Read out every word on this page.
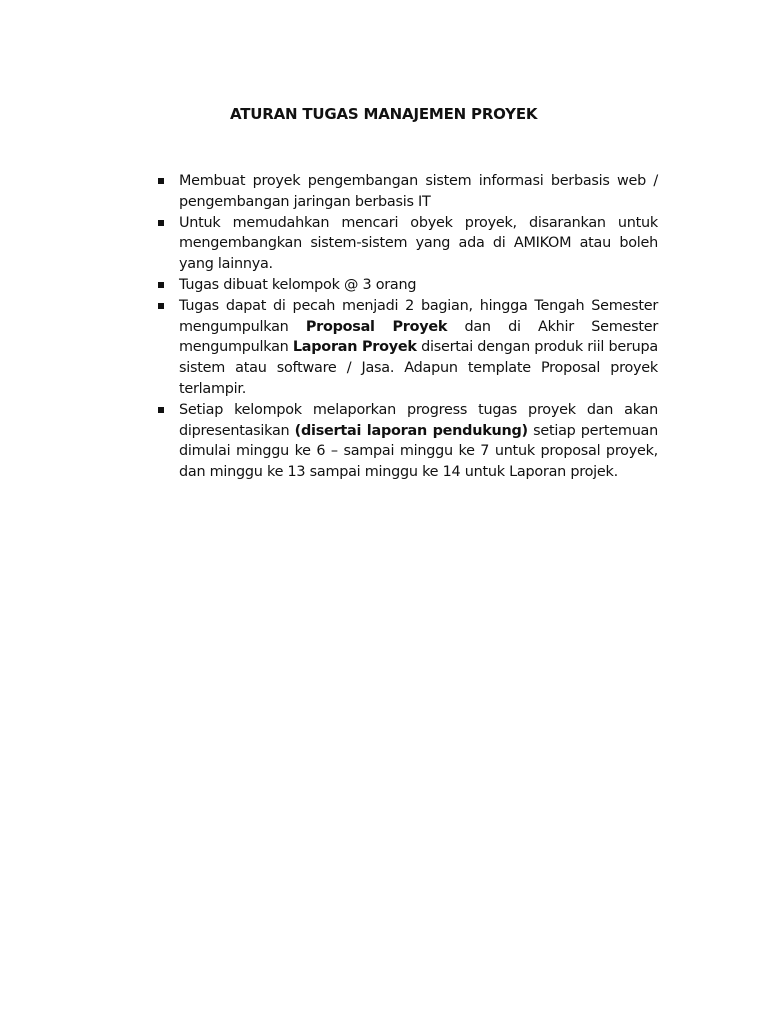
ATURAN TUGAS MANAJEMEN PROYEK
Membuat proyek pengembangan sistem informasi berbasis web / pengembangan jaringan berbasis IT
Untuk memudahkan mencari obyek proyek, disarankan untuk mengembangkan sistem-sistem yang ada di AMIKOM atau boleh yang lainnya.
Tugas dibuat kelompok @ 3 orang
Tugas dapat di pecah menjadi 2 bagian, hingga Tengah Semester mengumpulkan Proposal Proyek dan di Akhir Semester mengumpulkan Laporan Proyek disertai dengan produk riil berupa sistem atau software / Jasa. Adapun template Proposal proyek terlampir.
Setiap kelompok melaporkan progress tugas proyek dan akan dipresentasikan (disertai laporan pendukung) setiap pertemuan dimulai minggu ke 6 – sampai minggu ke 7 untuk proposal proyek, dan minggu ke 13 sampai minggu ke 14 untuk Laporan projek.
